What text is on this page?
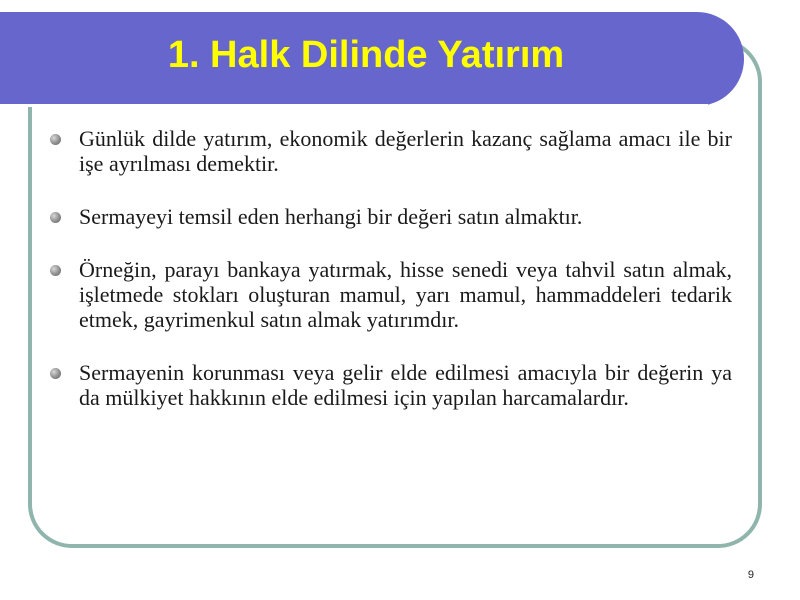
1. Halk Dilinde Yatırım
Günlük dilde yatırım, ekonomik değerlerin kazanç sağlama amacı ile bir işe ayrılması demektir.
Sermayeyi temsil eden herhangi bir değeri satın almaktır.
Örneğin, parayı bankaya yatırmak, hisse senedi veya tahvil satın almak, işletmede stokları oluşturan mamul, yarı mamul, hammaddeleri tedarik etmek, gayrimenkul satın almak yatırımdır.
Sermayenin korunması veya gelir elde edilmesi amacıyla bir değerin ya da mülkiyet hakkının elde edilmesi için yapılan harcamalardır.
9
